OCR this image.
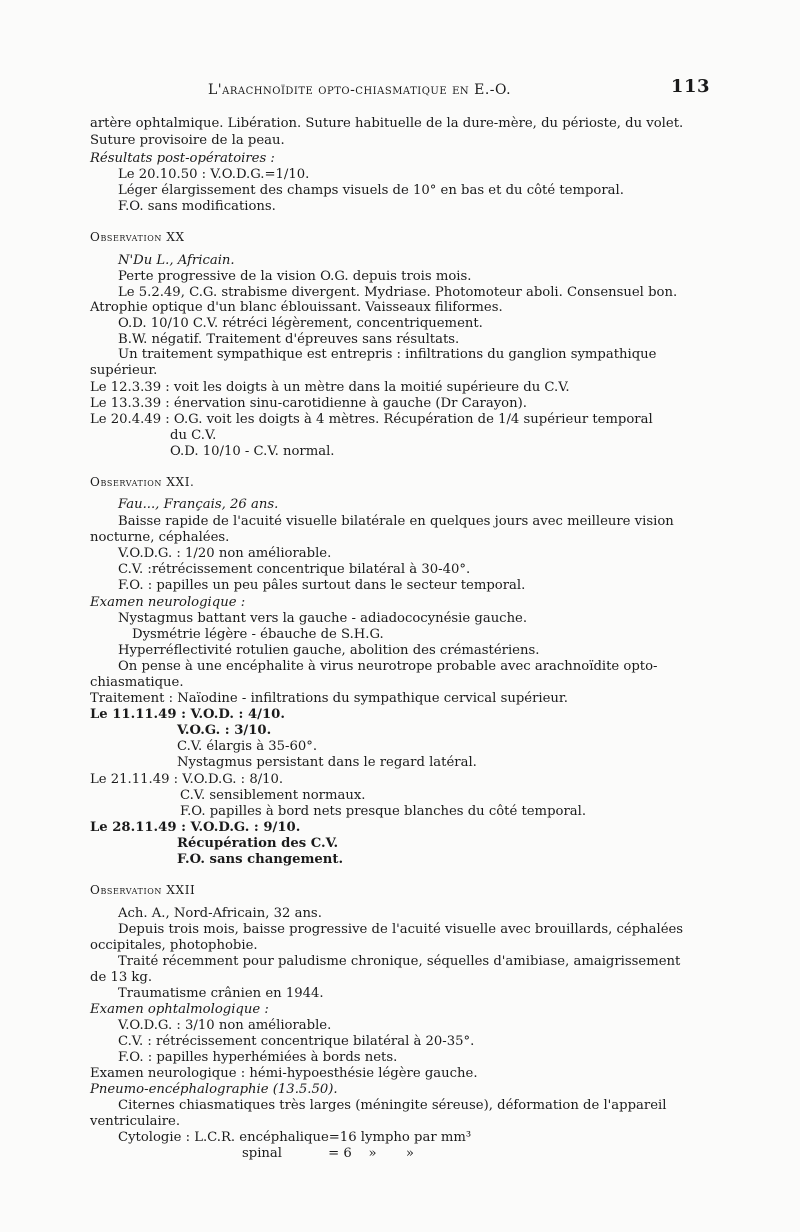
L'arachnoïdite opto-chiasmatique en E.-O.	113
artère ophtalmique. Libération. Suture habituelle de la dure-mère, du périoste, du volet.
Suture provisoire de la peau.
Résultats post-opératoires :
Le 20.10.50 : V.O.D.G.=1/10.
Léger élargissement des champs visuels de 10° en bas et du côté temporal.
F.O. sans modifications.
Observation XX
N'Du L., Africain.
Perte progressive de la vision O.G. depuis trois mois.
Le 5.2.49, C.G. strabisme divergent. Mydriase. Photomoteur aboli. Consensuel bon.
Atrophie optique d'un blanc éblouissant. Vaisseaux filiformes.
O.D. 10/10 C.V. rétréci légèrement, concentriquement.
B.W. négatif. Traitement d'épreuves sans résultats.
Un traitement sympathique est entrepris : infiltrations du ganglion sympathique
supérieur.
Le 12.3.39 : voit les doigts à un mètre dans la moitié supérieure du C.V.
Le 13.3.39 : énervation sinu-carotidienne à gauche (Dr Carayon).
Le 20.4.49 : O.G. voit les doigts à 4 mètres. Récupération de 1/4 supérieur temporal
du C.V.
O.D. 10/10 - C.V. normal.
Observation XXI.
Fau..., Français, 26 ans.
Baisse rapide de l'acuité visuelle bilatérale en quelques jours avec meilleure vision
nocturne, céphalées.
V.O.D.G. : 1/20 non améliorable.
C.V. :rétrécissement concentrique bilatéral à 30-40°.
F.O. : papilles un peu pâles surtout dans le secteur temporal.
Examen neurologique :
Nystagmus battant vers la gauche - adiadococynésie gauche.
Dysmétrie légère - ébauche de S.H.G.
Hyperréflectivité rotulien gauche, abolition des crémastériens.
On pense à une encéphalite à virus neurotrope probable avec arachnoïdite opto-
chiasmatique.
Traitement : Naïodine - infiltrations du sympathique cervical supérieur.
Le 11.11.49 : V.O.D. : 4/10.
V.O.G. : 3/10.
C.V. élargis à 35-60°.
Nystagmus persistant dans le regard latéral.
Le 21.11.49 : V.O.D.G. : 8/10.
C.V. sensiblement normaux.
F.O. papilles à bord nets presque blanches du côté temporal.
Le 28.11.49 : V.O.D.G. : 9/10.
Récupération des C.V.
F.O. sans changement.
Observation XXII
Ach. A., Nord-Africain, 32 ans.
Depuis trois mois, baisse progressive de l'acuité visuelle avec brouillards, céphalées
occipitales, photophobie.
Traité récemment pour paludisme chronique, séquelles d'amibiase, amaigrissement
de 13 kg.
Traumatisme crânien en 1944.
Examen ophtalmologique :
V.O.D.G. : 3/10 non améliorable.
C.V. : rétrécissement concentrique bilatéral à 20-35°.
F.O. : papilles hyperhémiées à bords nets.
Examen neurologique : hémi-hypoesthésie légère gauche.
Pneumo-encéphalographie (13.5.50).
Citernes chiasmatiques très larges (méningite séreuse), déformation de l'appareil
ventriculaire.
Cytologie : L.C.R. encéphalique=16 lympho par mm³
spinal           = 6    »       »
